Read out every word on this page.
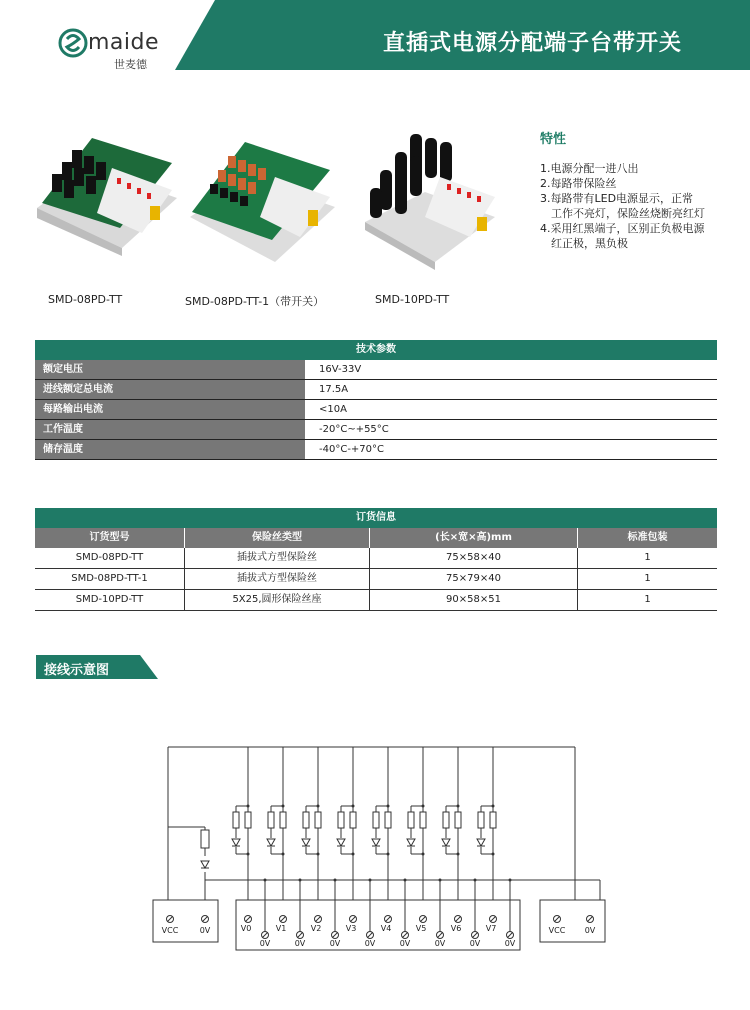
maide
世麦德
直插式电源分配端子台带开关
SMD-08PD-TT	SMD-08PD-TT-1（带开关）	SMD-10PD-TT
特性
1.电源分配一进八出
2.每路带保险丝
3.每路带有LED电源显示，正常
　工作不亮灯，保险丝烧断亮红灯
4.采用红黑端子，区别正负极电源
　红正极，黑负极
技术参数
额定电压	16V-33V
进线额定总电流	17.5A
每路输出电流	<10A
工作温度	-20°C~+55°C
储存温度	-40°C-+70°C
订货信息
订货型号	保险丝类型	(长×宽×高)mm	标准包装
SMD-08PD-TT	插拔式方型保险丝	75×58×40	1
SMD-08PD-TT-1	插拔式方型保险丝	75×79×40	1
SMD-10PD-TT	5X25,圆形保险丝座	90×58×51	1
接线示意图
V0
0V
V1
0V
V2
0V
V3
0V
V4
0V
V5
0V
V6
0V
V7
0V
VCC	0V	VCC 0V
